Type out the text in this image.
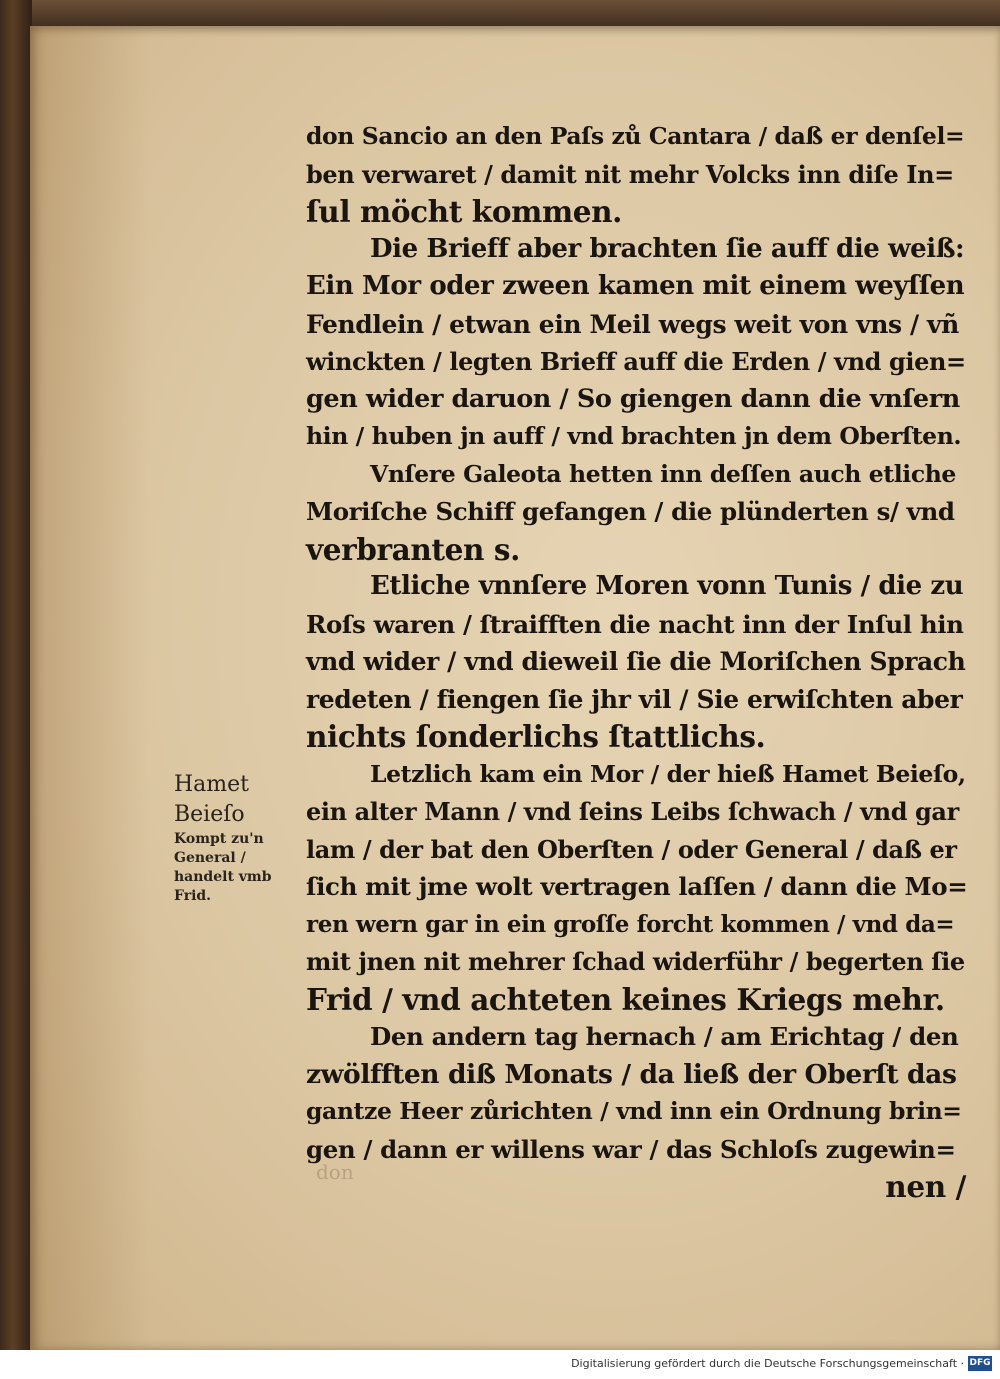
don Sancio an den Paſs zů Cantara / daß er denſel=
ben verwaret / damit nit mehr Volcks inn diſe In=
ſul möcht kommen.
Die Brieff aber brachten ſie auff die weiß:
Ein Mor oder zween kamen mit einem weyſſen
Fendlein / etwan ein Meil wegs weit von vns / vñ
winckten / legten Brieff auff die Erden / vnd gien=
gen wider daruon / So giengen dann die vnſern
hin / huben jn auff / vnd brachten jn dem Oberſten.
Vnſere Galeota hetten inn deſſen auch etliche
Moriſche Schiff gefangen / die plünderten s/ vnd
verbranten s.
Etliche vnnſere Moren vonn Tunis / die zu
Roſs waren / ſtraifften die nacht inn der Inſul hin
vnd wider / vnd dieweil ſie die Moriſchen Sprach
redeten / fiengen ſie jhr vil / Sie erwiſchten aber
nichts ſonderlichs ſtattlichs.
Letzlich kam ein Mor / der hieß Hamet Beieſo,
ein alter Mann / vnd ſeins Leibs ſchwach / vnd gar
lam / der bat den Oberſten / oder General / daß er
ſich mit jme wolt vertragen laſſen / dann die Mo=
ren wern gar in ein groſſe forcht kommen / vnd da=
mit jnen nit mehrer ſchad widerführ / begerten ſie
Frid / vnd achteten keines Kriegs mehr.
Den andern tag hernach / am Erichtag / den
zwölfften diß Monats / da ließ der Oberſt das
gantze Heer zůrichten / vnd inn ein Ordnung brin=
gen / dann er willens war / das Schloſs zugewin=
nen /
Hamet
Beieſo
Kompt zu'n
General /
handelt vmb
Frid.
don
Digitalisierung gefördert durch die Deutsche Forschungsgemeinschaft · DFG
